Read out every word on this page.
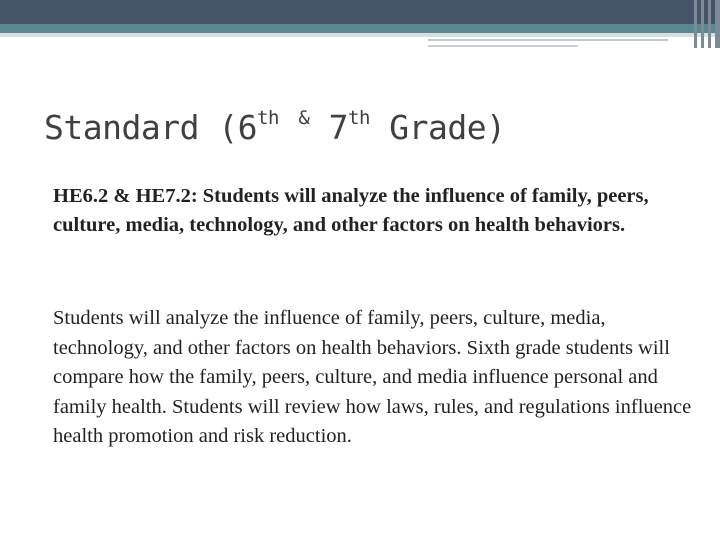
Standard (6th & 7th Grade)

HE6.2 & HE7.2: Students will analyze the influence of family, peers, culture, media, technology, and other factors on health behaviors.

Students will analyze the influence of family, peers, culture, media, technology, and other factors on health behaviors. Sixth grade students will compare how the family, peers, culture, and media influence personal and family health. Students will review how laws, rules, and regulations influence health promotion and risk reduction.
